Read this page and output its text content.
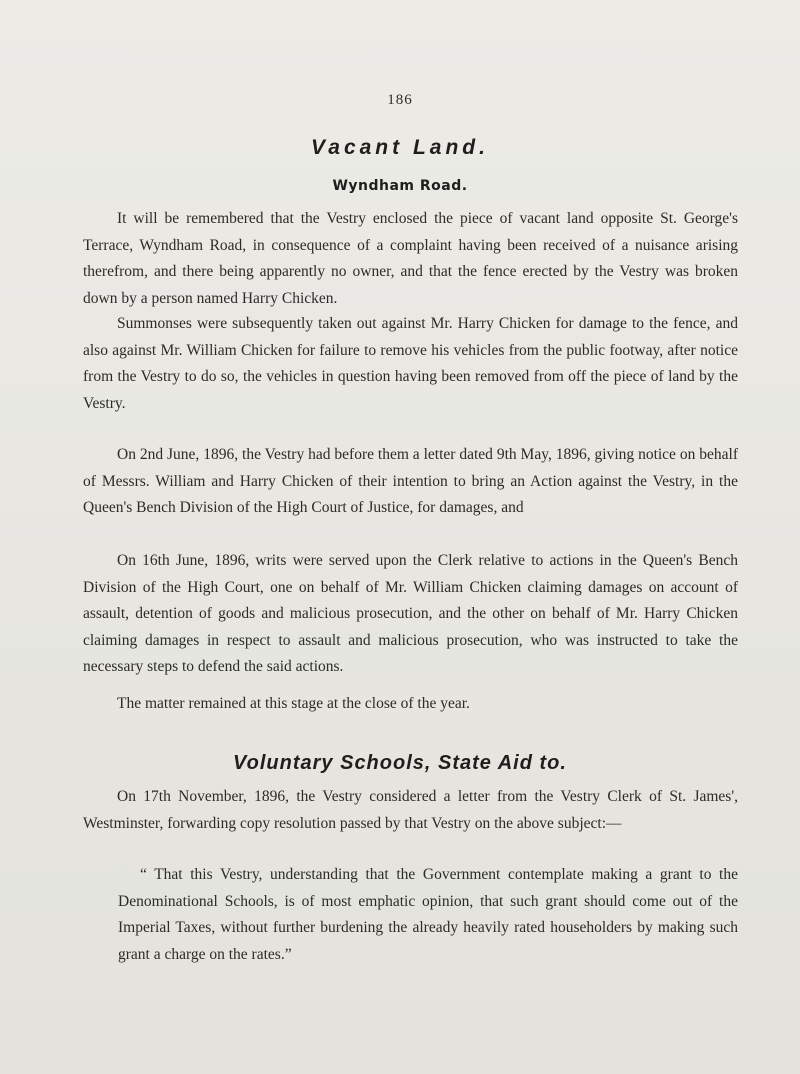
186
Vacant Land.
Wyndham Road.

It will be remembered that the Vestry enclosed the piece of vacant land opposite St. George's Terrace, Wyndham Road, in consequence of a complaint having been received of a nuisance arising therefrom, and there being apparently no owner, and that the fence erected by the Vestry was broken down by a person named Harry Chicken.

Summonses were subsequently taken out against Mr. Harry Chicken for damage to the fence, and also against Mr. William Chicken for failure to remove his vehicles from the public footway, after notice from the Vestry to do so, the vehicles in question having been removed from off the piece of land by the Vestry.

On 2nd June, 1896, the Vestry had before them a letter dated 9th May, 1896, giving notice on behalf of Messrs. William and Harry Chicken of their intention to bring an Action against the Vestry, in the Queen's Bench Division of the High Court of Justice, for damages, and

On 16th June, 1896, writs were served upon the Clerk relative to actions in the Queen's Bench Division of the High Court, one on behalf of Mr. William Chicken claiming damages on account of assault, detention of goods and malicious prosecution, and the other on behalf of Mr. Harry Chicken claiming damages in respect to assault and malicious prosecution, who was instructed to take the necessary steps to defend the said actions.

The matter remained at this stage at the close of the year.

Voluntary Schools, State Aid to.

On 17th November, 1896, the Vestry considered a letter from the Vestry Clerk of St. James', Westminster, forwarding copy resolution passed by that Vestry on the above subject:—

“ That this Vestry, understanding that the Government contemplate making a grant to the Denominational Schools, is of most emphatic opinion, that such grant should come out of the Imperial Taxes, without further burdening the already heavily rated householders by making such grant a charge on the rates.”
